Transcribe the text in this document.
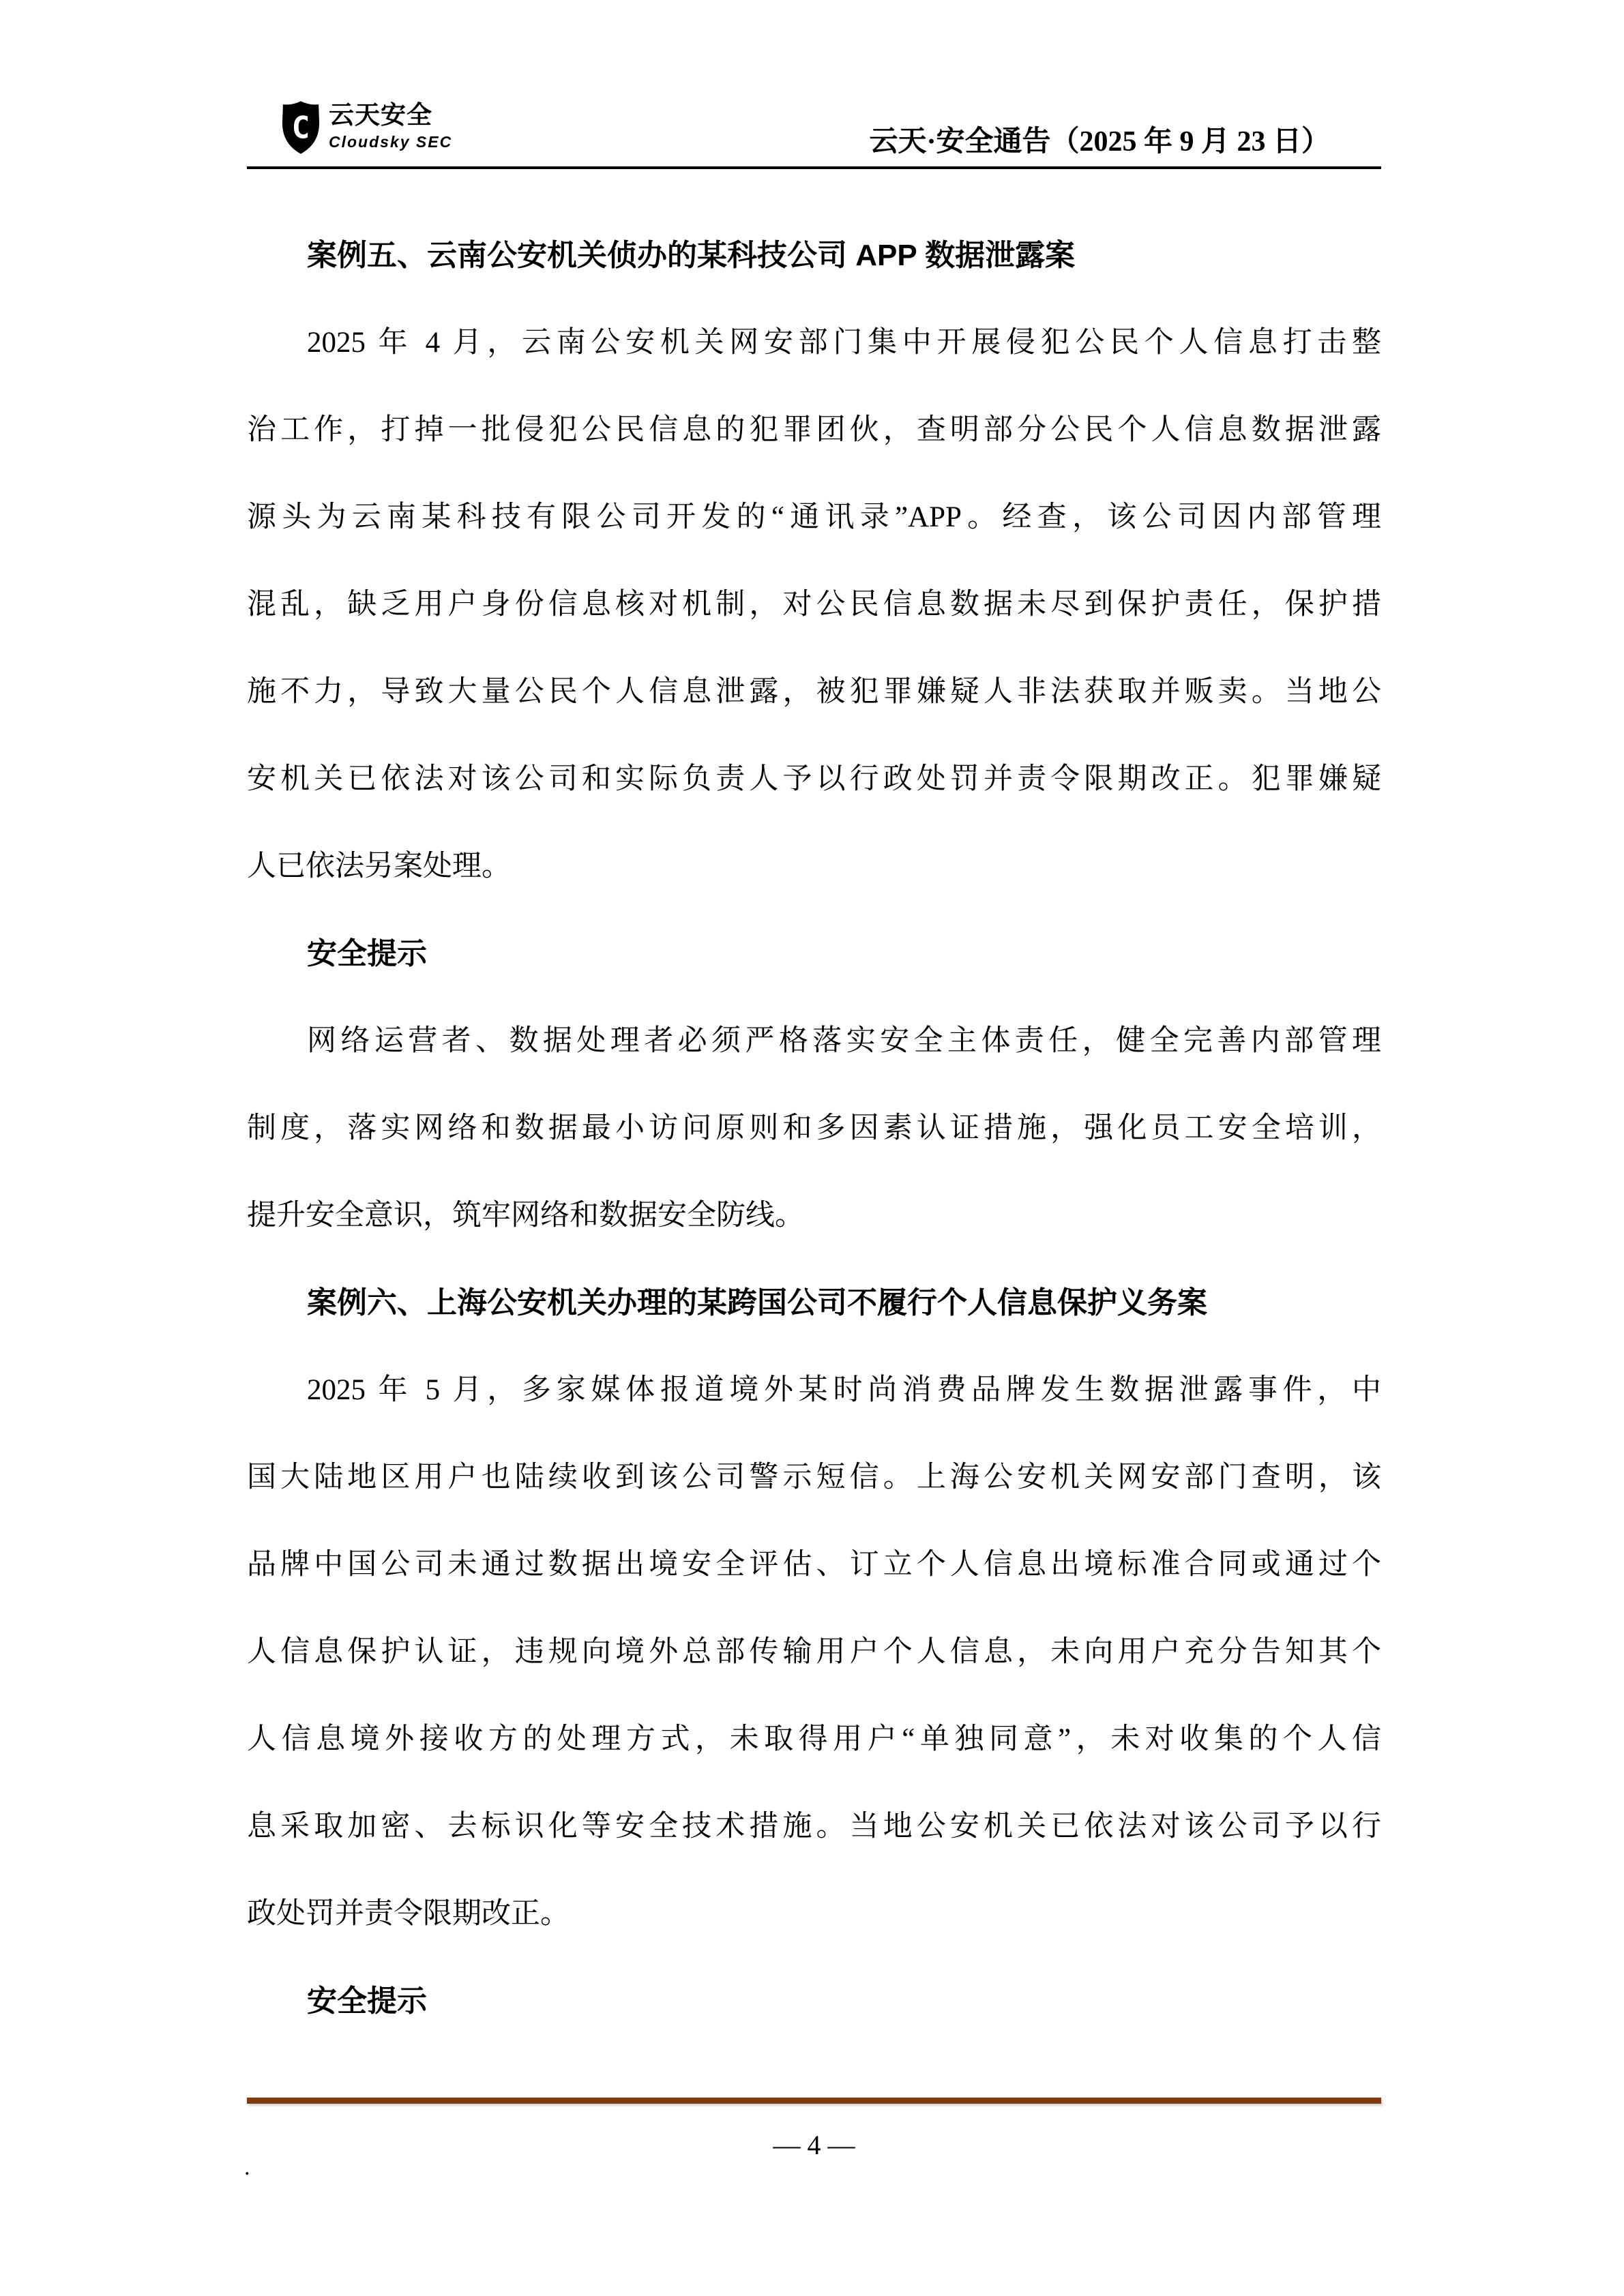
C 云天安全
Cloudsky SEC	云天·安全通告（2025 年 9 月 23 日）

案例五、云南公安机关侦办的某科技公司 APP 数据泄露案

2025 年 4 月，云南公安机关网安部门集中开展侵犯公民个人信息打击整

治工作，打掉一批侵犯公民信息的犯罪团伙，查明部分公民个人信息数据泄露

源头为云南某科技有限公司开发的“通讯录”APP。经查，该公司因内部管理

混乱，缺乏用户身份信息核对机制，对公民信息数据未尽到保护责任，保护措

施不力，导致大量公民个人信息泄露，被犯罪嫌疑人非法获取并贩卖。当地公

安机关已依法对该公司和实际负责人予以行政处罚并责令限期改正。犯罪嫌疑

人已依法另案处理。

安全提示

网络运营者、数据处理者必须严格落实安全主体责任，健全完善内部管理

制度，落实网络和数据最小访问原则和多因素认证措施，强化员工安全培训，

提升安全意识，筑牢网络和数据安全防线。

案例六、上海公安机关办理的某跨国公司不履行个人信息保护义务案

2025 年 5 月，多家媒体报道境外某时尚消费品牌发生数据泄露事件，中

国大陆地区用户也陆续收到该公司警示短信。上海公安机关网安部门查明，该

品牌中国公司未通过数据出境安全评估、订立个人信息出境标准合同或通过个

人信息保护认证，违规向境外总部传输用户个人信息，未向用户充分告知其个

人信息境外接收方的处理方式，未取得用户“单独同意”，未对收集的个人信

息采取加密、去标识化等安全技术措施。当地公安机关已依法对该公司予以行

政处罚并责令限期改正。

安全提示

.
— 4 —
